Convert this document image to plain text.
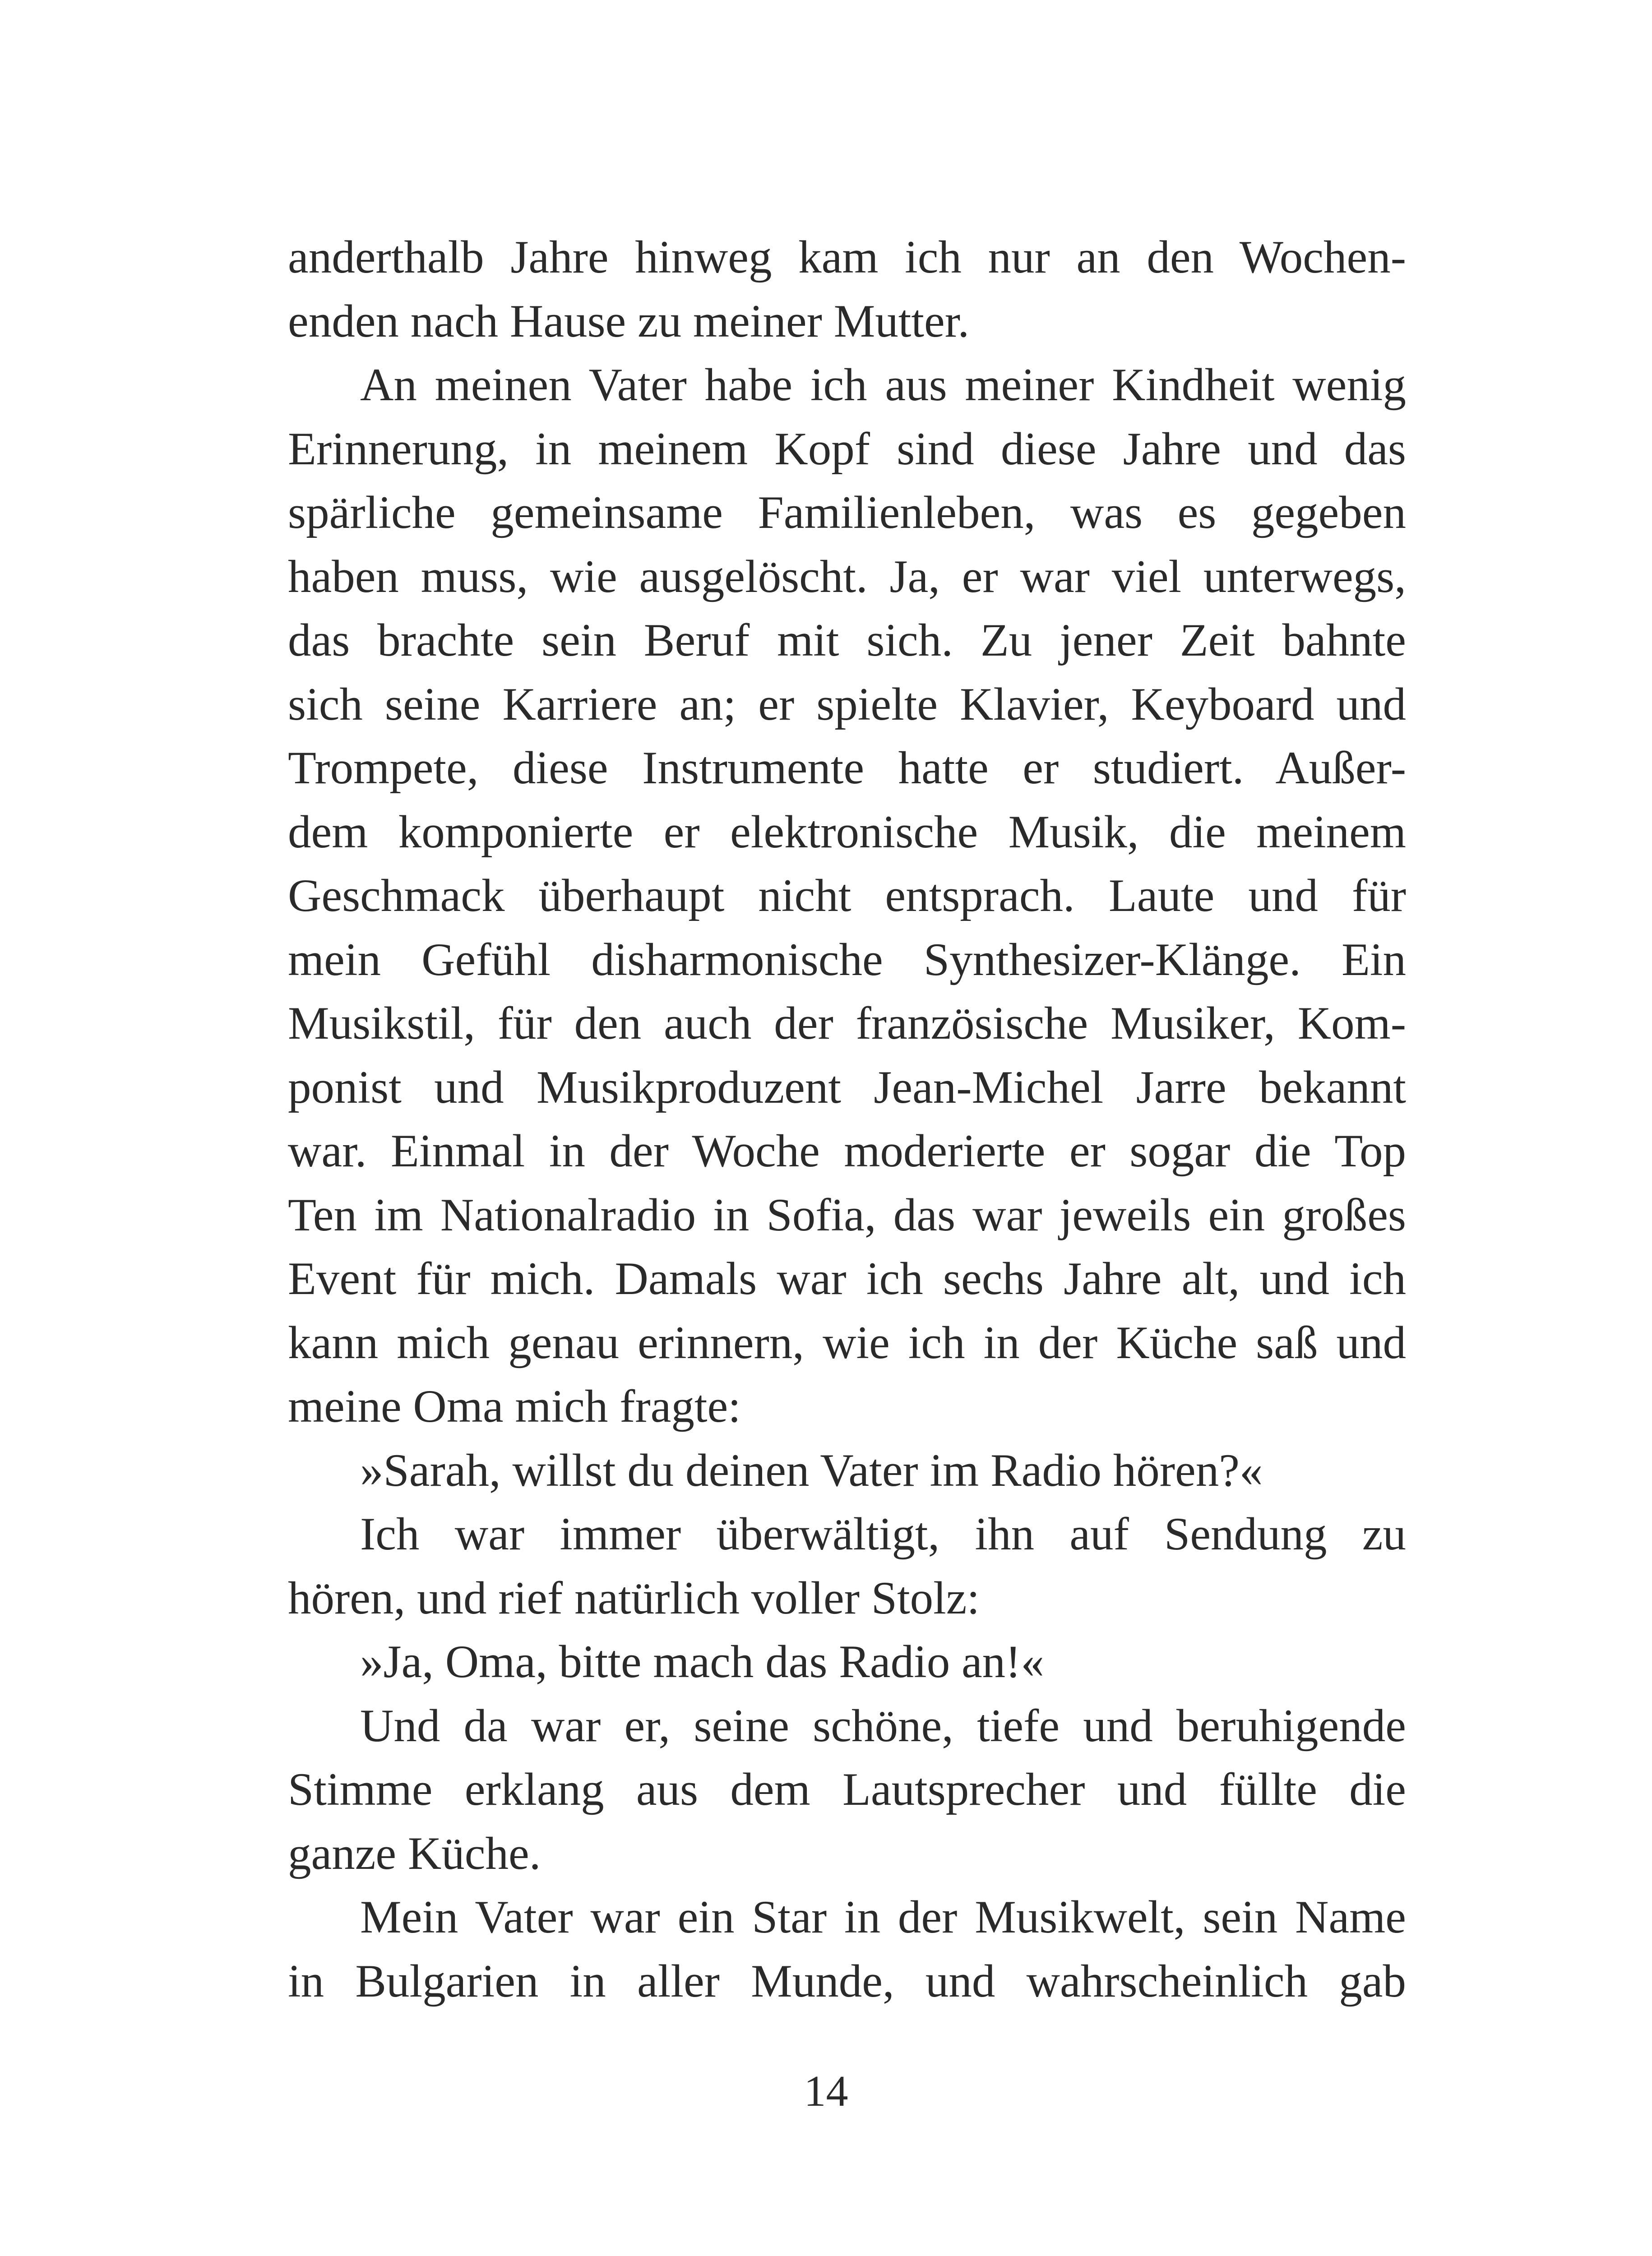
anderthalb Jahre hinweg kam ich nur an den Wochen-
enden nach Hause zu meiner Mutter.
An meinen Vater habe ich aus meiner Kindheit wenig
Erinnerung, in meinem Kopf sind diese Jahre und das
spärliche gemeinsame Familienleben, was es gegeben
haben muss, wie ausgelöscht. Ja, er war viel unterwegs,
das brachte sein Beruf mit sich. Zu jener Zeit bahnte
sich seine Karriere an; er spielte Klavier, Keyboard und
Trompete, diese Instrumente hatte er studiert. Außer-
dem komponierte er elektronische Musik, die meinem
Geschmack überhaupt nicht entsprach. Laute und für
mein Gefühl disharmonische Synthesizer-Klänge. Ein
Musikstil, für den auch der französische Musiker, Kom-
ponist und Musikproduzent Jean-Michel Jarre bekannt
war. Einmal in der Woche moderierte er sogar die Top
Ten im Nationalradio in Sofia, das war jeweils ein großes
Event für mich. Damals war ich sechs Jahre alt, und ich
kann mich genau erinnern, wie ich in der Küche saß und
meine Oma mich fragte:
»Sarah, willst du deinen Vater im Radio hören?«
Ich war immer überwältigt, ihn auf Sendung zu
hören, und rief natürlich voller Stolz:
»Ja, Oma, bitte mach das Radio an!«
Und da war er, seine schöne, tiefe und beruhigende
Stimme erklang aus dem Lautsprecher und füllte die
ganze Küche.
Mein Vater war ein Star in der Musikwelt, sein Name
in Bulgarien in aller Munde, und wahrscheinlich gab
14
